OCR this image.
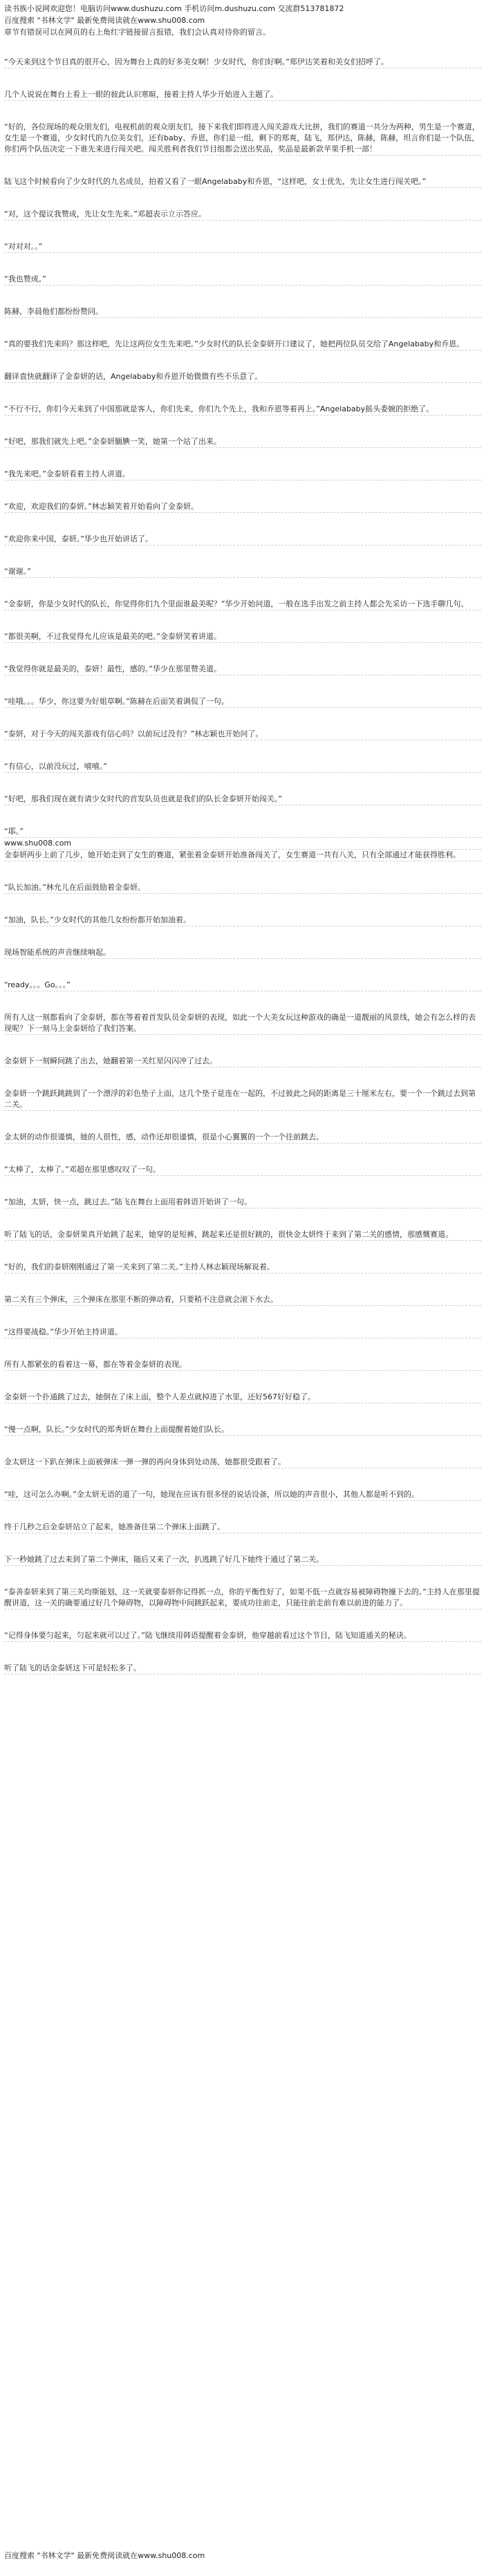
读书族小说网欢迎您！电脑访问www.dushuzu.com 手机访问m.dushuzu.com 交流群513781872
百度搜索 "书林文学" 最新免费阅读就在www.shu008.com
章节有错误可以在网页的右上角红字链接留言报错，我们会认真对待你的留言。

“今天来到这个节目真的很开心，因为舞台上真的好多美女啊！少女时代，你们好啊。”郑伊达笑着和美女们招呼了。

几个人说说在舞台上看上一眼的彼此认识寒暄，接着主持人华少开始进入主题了。

“好的，各位现场的观众朋友们，电视机前的观众朋友们，接下来我们即将进入闯关游戏大比拼，我们的赛道一共分为两种，男生是一个赛道，女生是一个赛道，少女时代的九位美女们，还有baby、乔恩，你们是一组，剩下的郑爽，陆飞，郑伊达，陈赫，陈赫，坦言你们是一个队伍，你们两个队伍决定一下谁先来进行闯关吧。闯关胜利者我们节目组都会送出奖品，奖品是最新款苹果手机一部！

陆飞这个时候看向了少女时代的九名成员，拍着又看了一眼Angelababy和乔恩，“这样吧，女士优先，先让女生进行闯关吧。”

“对，这个提议我赞成，先让女生先来。”邓超表示立示答应。

“对对对。。”

“我也赞成。”

陈赫，李晨他们都纷纷赞同。

“真的要我们先来吗？那这样吧，先让这两位女生先来吧。”少女时代的队长金泰妍开口建议了，她把两位队员交给了Angelababy和乔恩。

翻译袁快就翻译了金泰妍的话，Angelababy和乔恩开始微微有些不乐意了。

“不行不行，你们今天来到了中国那就是客人，你们先来，你们九个先上，我和乔恩等着再上。”Angelababy摇头委婉的拒绝了。

“好吧，那我们就先上吧。”金泰妍腼腆一笑，她第一个站了出来。

“我先来吧。”金泰妍看着主持人讲道。

“欢迎，欢迎我们的泰妍。”林志颖笑着开始看向了金泰妍。

“欢迎你来中国，泰妍。”华少也开始讲话了。

“谢谢。”

“金泰妍，你是少女时代的队长，你觉得你们九个里面谁最美呢？”华少开始问道，一般在选手出发之前主持人都会先采访一下选手聊几句。

“都很美啊，不过我觉得允儿应该是最美的吧。”金泰妍笑着讲道。

“我觉得你就是最美的，泰妍！最性，感的。”华少在那里赞美道。

“哇哦。。。华少，你这要为好姐草啊。”陈赫在后面笑着调侃了一句。

“泰妍，对于今天的闯关游戏有信心吗？以前玩过没有？”林志颖也开始问了。

“有信心，以前没玩过，嘻嘻。”

“好吧，那我们现在就有请少女时代的首发队员也就是我们的队长金泰妍开始闯关。”

“耶。”

www.shu008.com

金泰妍两步上前了几步，她开始走到了女生的赛道，紧张着金泰妍开始准备闯关了，女生赛道一共有八关，只有全部通过才能获得胜利。

“队长加油。”林允儿在后面鼓励着金泰妍。

“加油，队长。”少女时代的其他几女纷纷都开始加油着。

现场智能系统的声音继续响起。

“ready。。。Go。。。”

所有人这一刻都看向了金泰妍，都在等着着首发队员金泰妍的表现，如此一个大美女玩这种游戏的确是一道靓丽的风景线，她会有怎么样的表现呢？下一刻马上金泰妍给了我们答案。

金泰妍下一刻瞬间跳了出去，她翻着第一关红星闪闪冲了过去。

金泰妍一个跳跃跳跳到了一个漂浮的彩色垫子上面，这几个垫子是连在一起的，不过彼此之间的距离是三十厘米左右，要一个一个跳过去到第二关。

金太妍的动作很谨慎，她的人很性，感，动作还却很谨慎，很是小心翼翼的一个一个往前跳去。

“太棒了，太棒了。”邓超在那里感叹叹了一句。

“加油，太妍，快一点，跳过去。”陆飞在舞台上面用着韩语开始讲了一句。

听了陆飞的话，金泰妍果真开始跳了起来，她穿的是短裤，跳起来还是很好跳的，很快金太妍终于来到了第二关的感情，那感慨赛道。

“好的，我们的泰妍刚刚通过了第一关来到了第二关。”主持人林志颖现场解说着。

第二关有三个弹床，三个弹床在那里不断的弹动着，只要稍不注意就会滚下水去。

“这得要战稳。”华少开始主持讲道。

所有人都紧张的看着这一幕，都在等着金泰妍的表现。

金泰妍一个扑通跳了过去，她倒在了床上面，整个人差点就掉进了水里，还好567好好稳了。

“慢一点啊，队长。”少女时代的郑秀妍在舞台上面提醒着她们队长。

金太妍这一下趴在弹床上面被弹床一弹一弹的再向身体到处动荡，她都很受跟着了。

“哇，这可怎么办啊。”金太妍无语的道了一句，她现在应该有很多怪的说话设备，所以她的声音很小，其他人都是听不到的。

终于几秒之后金泰妍站立了起来，她准备往第二个弹床上面跳了。

下一秒她跳了过去来到了第二个弹床，随后又来了一次，扒逃跳了好几下她终于通过了第二关。

“泰善泰妍来到了第三关均斯能划，这一关就要泰妍你记得抓一点，你的平衡性好了，如果不低一点就容易被障碍物撞下去的。”主持人在那里提醒讲道，这一关的确要通过好几个障碍物，以障碍物中间跳跃起来，要成功往前走，只能往前走前有难以前进的能力了。

“记得身体要匀起来，匀起来就可以过了。”陆飞继续用韩语提醒着金泰妍，他穿越前看过这个节目，陆飞知道通关的秘诀。

听了陆飞的话金泰妍这下可是轻松多了。

百度搜索 "书林文学" 最新免费阅读就在www.shu008.com
